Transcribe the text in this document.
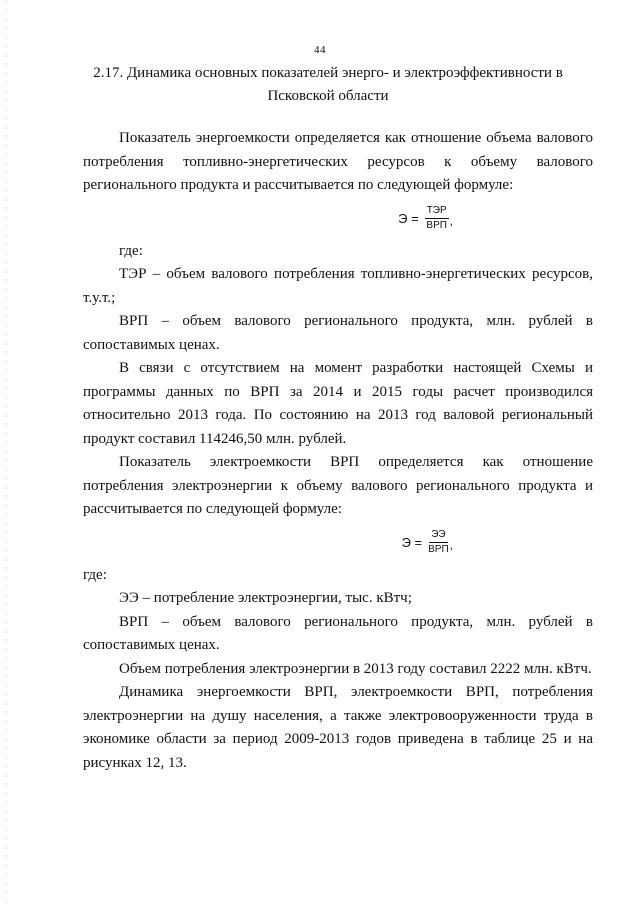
44
2.17. Динамика основных показателей энерго- и электроэффективности в
Псковской области

Показатель энергоемкости определяется как отношение объема валового потребления топливно-энергетических ресурсов к объему валового регионального продукта и рассчитывается по следующей формуле:

$Э = \frac{\text{ТЭР}}{\text{ВРП}}$ ,

где:

ТЭР – объем валового потребления топливно-энергетических ресурсов, т.у.т.;

ВРП – объем валового регионального продукта, млн. рублей в сопоставимых ценах.

В связи с отсутствием на момент разработки настоящей Схемы и программы данных по ВРП за 2014 и 2015 годы расчет производился относительно 2013 года. По состоянию на 2013 год валовой региональный продукт составил 114246,50 млн. рублей.

Показатель электроемкости ВРП определяется как отношение потребления электроэнергии к объему валового регионального продукта и рассчитывается по следующей формуле:

$Э = \frac{ЭЭ}{\text{ВРП}}$ ,

где:

ЭЭ – потребление электроэнергии, тыс. кВтч;

ВРП – объем валового регионального продукта, млн. рублей в сопоставимых ценах.

Объем потребления электроэнергии в 2013 году составил 2222 млн. кВтч.

Динамика энергоемкости ВРП, электроемкости ВРП, потребления электроэнергии на душу населения, а также электровооруженности труда в экономике области за период 2009-2013 годов приведена в таблице 25 и на рисунках 12, 13.
